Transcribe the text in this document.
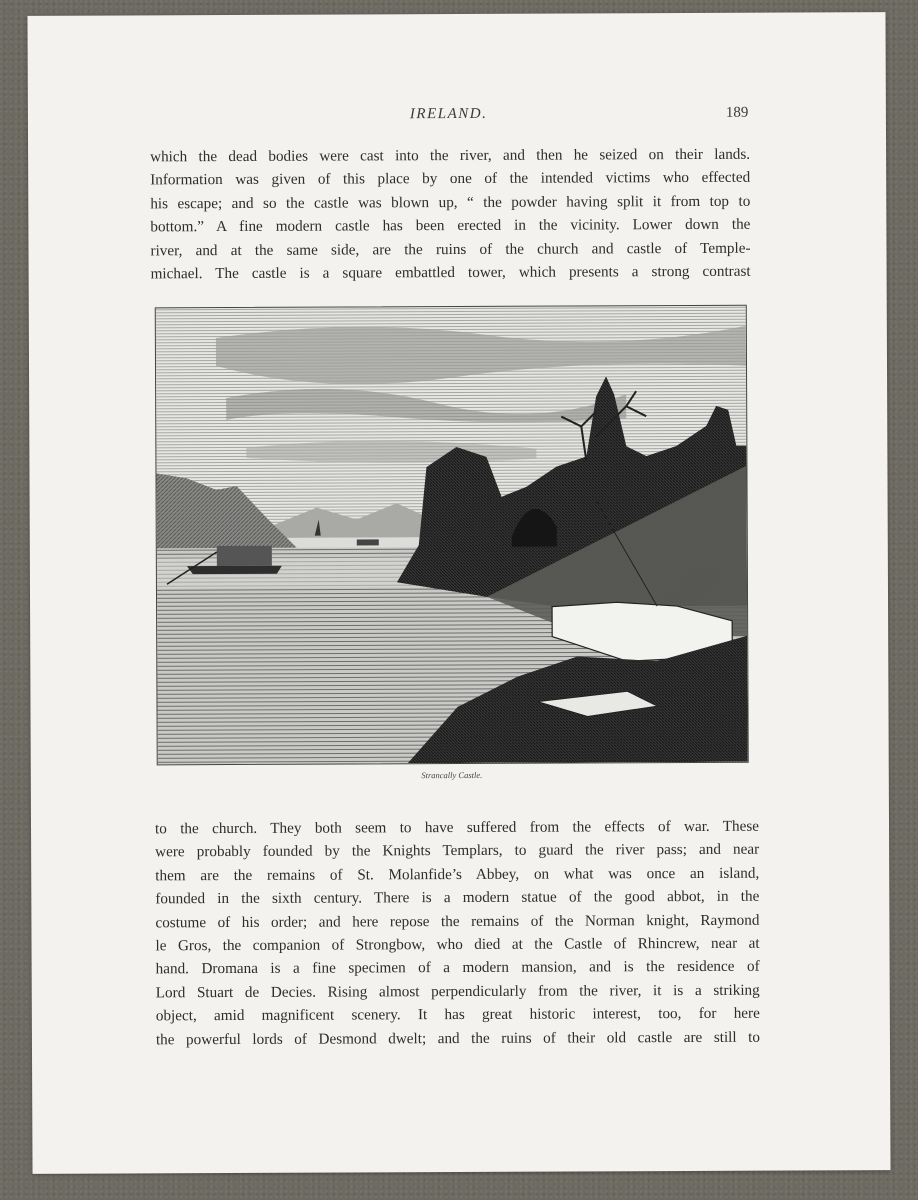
IRELAND.	189
which the dead bodies were cast into the river, and then he seized on their lands.
Information was given of this place by one of the intended victims who effected
his escape; and so the castle was blown up, “ the powder having split it from top to
bottom.” A fine modern castle has been erected in the vicinity. Lower down the
river, and at the same side, are the ruins of the church and castle of Temple-
michael. The castle is a square embattled tower, which presents a strong contrast
Strancally Castle.
to the church. They both seem to have suffered from the effects of war. These
were probably founded by the Knights Templars, to guard the river pass; and near
them are the remains of St. Molanfide’s Abbey, on what was once an island,
founded in the sixth century. There is a modern statue of the good abbot, in the
costume of his order; and here repose the remains of the Norman knight, Raymond
le Gros, the companion of Strongbow, who died at the Castle of Rhincrew, near at
hand. Dromana is a fine specimen of a modern mansion, and is the residence of
Lord Stuart de Decies. Rising almost perpendicularly from the river, it is a striking
object, amid magnificent scenery. It has great historic interest, too, for here
the powerful lords of Desmond dwelt; and the ruins of their old castle are still to
